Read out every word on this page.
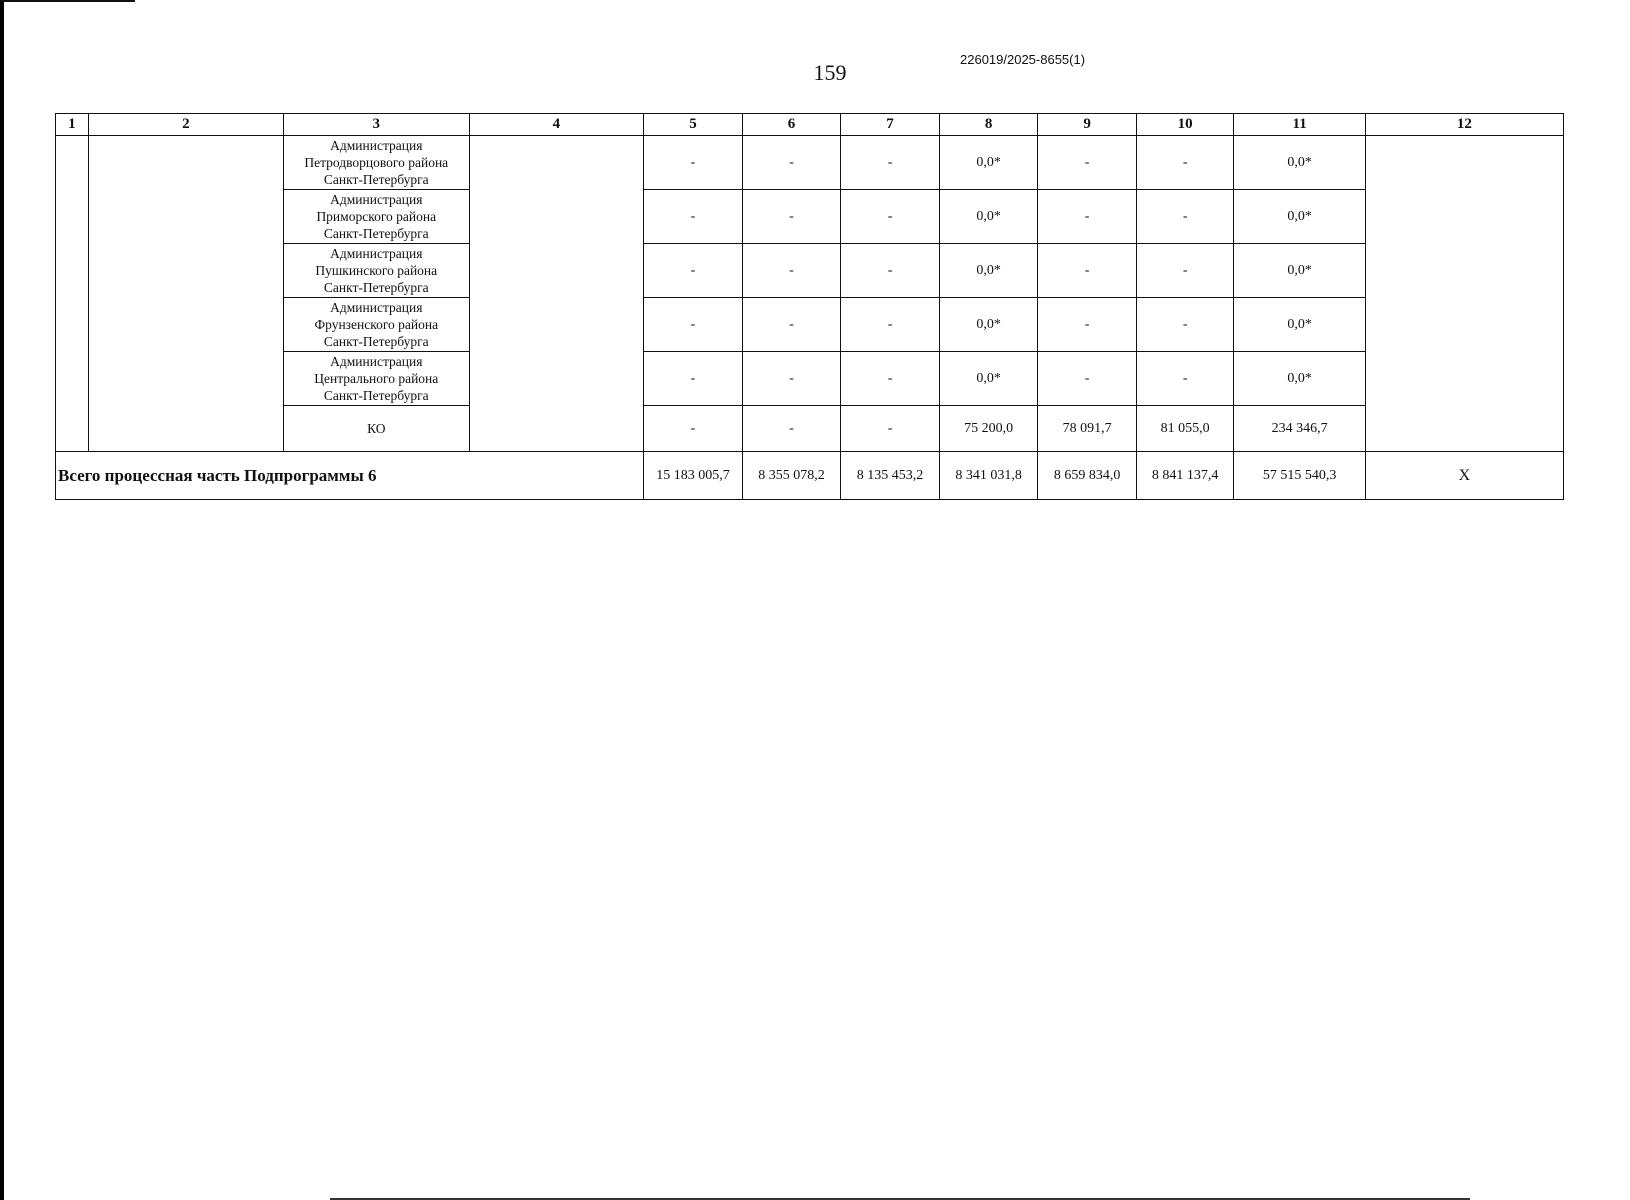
159
226019/2025-8655(1)
1	2	3	4	5	6	7	8	9	10	11	12

		Администрация
Петродворцового района
Санкт-Петербурга		-	-	-	0,0*	-	-	0,0*	

		Администрация
Приморского района
Санкт-Петербурга		-	-	-	0,0*	-	-	0,0*	

		Администрация
Пушкинского района
Санкт-Петербурга		-	-	-	0,0*	-	-	0,0*	

		Администрация
Фрунзенского района
Санкт-Петербурга		-	-	-	0,0*	-	-	0,0*	

		Администрация
Центрального района
Санкт-Петербурга		-	-	-	0,0*	-	-	0,0*	

		КО		-	-	-	75 200,0	78 091,7	81 055,0	234 346,7	
Всего процессная часть Подпрограммы 6				15 183 005,7	8 355 078,2	8 135 453,2	8 341 031,8	8 659 834,0	8 841 137,4	57 515 540,3	X
